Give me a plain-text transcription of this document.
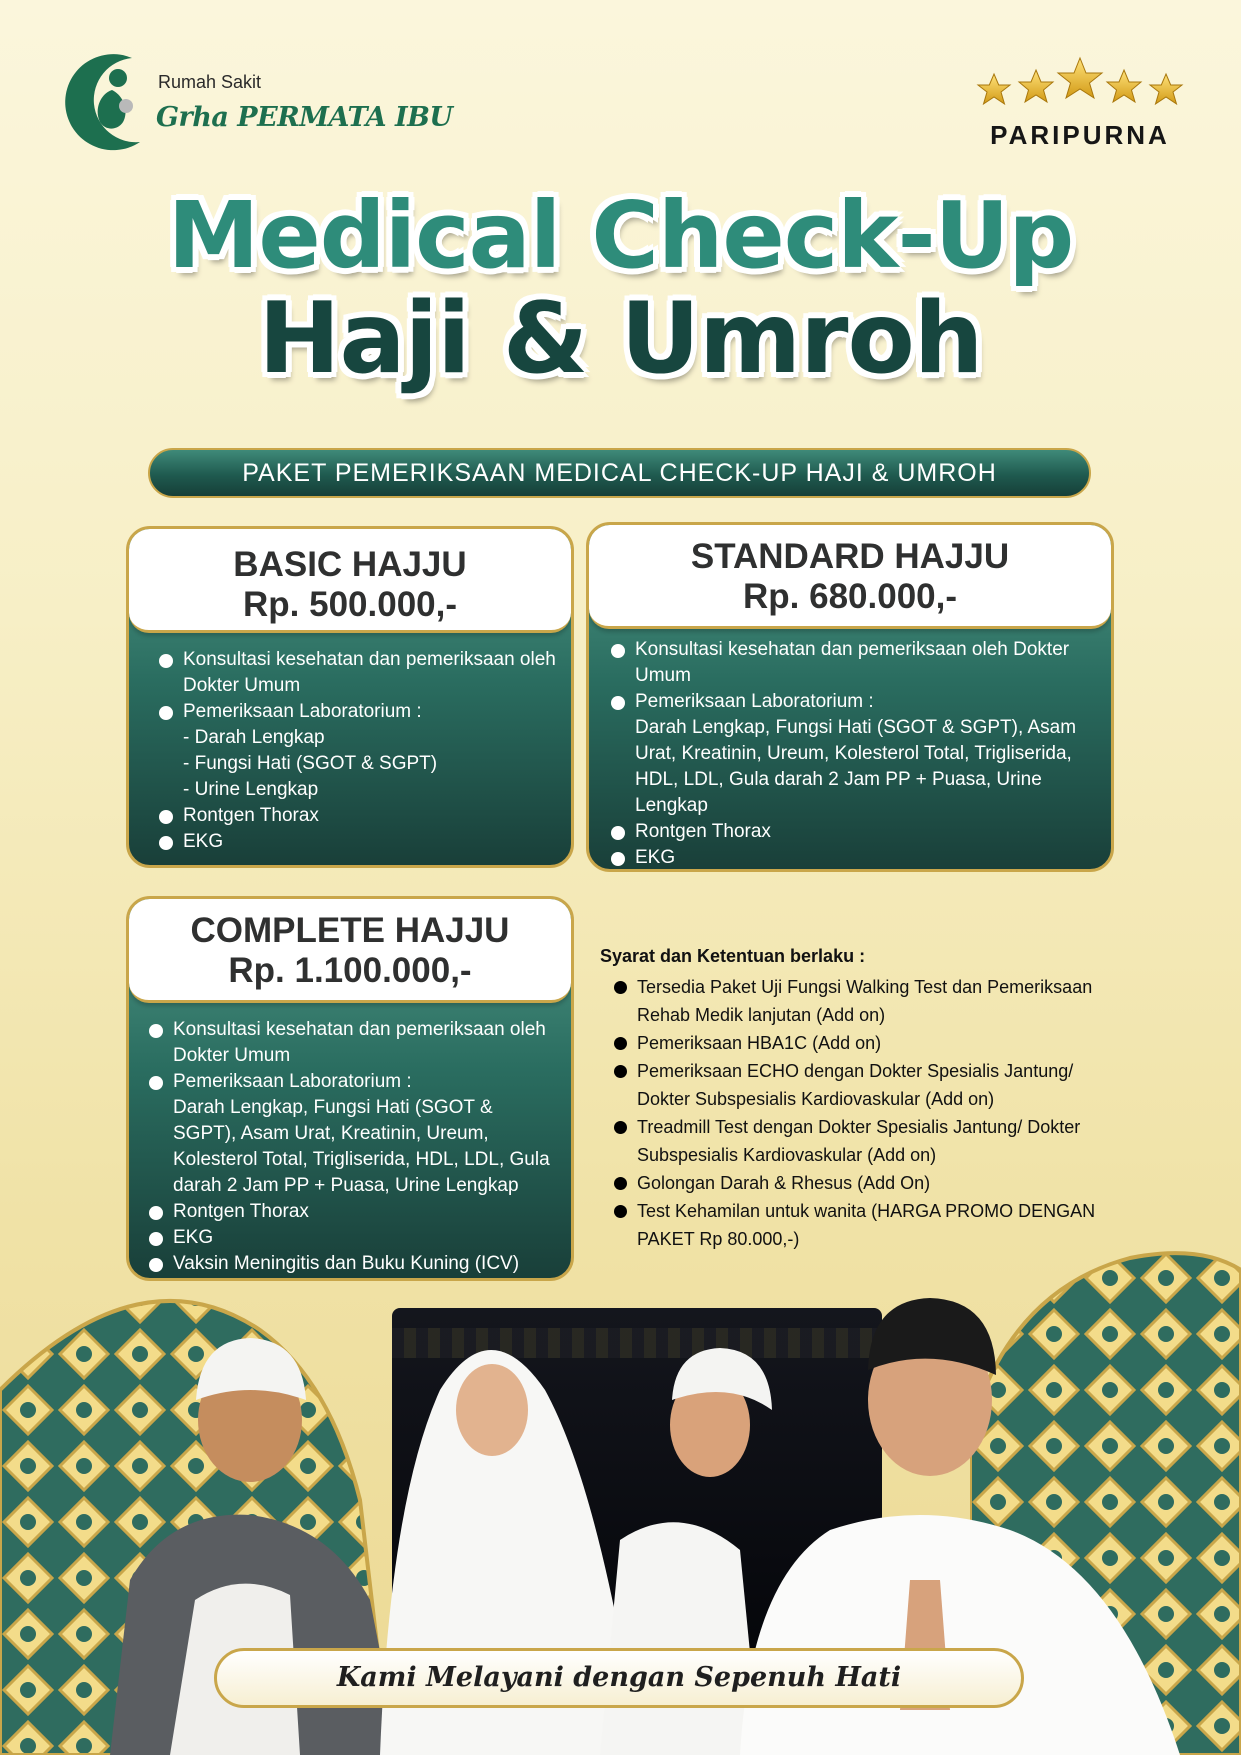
Rumah Sakit
Grha PERMATA IBU
PARIPURNA
Medical Check-Up
Haji & Umroh
PAKET PEMERIKSAAN MEDICAL CHECK-UP HAJI & UMROH
BASIC HAJJU
Rp. 500.000,-
Konsultasi kesehatan dan pemeriksaan oleh Dokter Umum
Pemeriksaan Laboratorium :
- Darah Lengkap
- Fungsi Hati (SGOT & SGPT)
- Urine Lengkap
Rontgen Thorax
EKG
STANDARD HAJJU
Rp. 680.000,-
Konsultasi kesehatan dan pemeriksaan oleh Dokter Umum
Pemeriksaan Laboratorium :
Darah Lengkap, Fungsi Hati (SGOT & SGPT), Asam Urat, Kreatinin, Ureum, Kolesterol Total, Trigliserida, HDL, LDL, Gula darah 2 Jam PP + Puasa, Urine Lengkap
Rontgen Thorax
EKG
COMPLETE HAJJU
Rp. 1.100.000,-
Konsultasi kesehatan dan pemeriksaan oleh Dokter Umum
Pemeriksaan Laboratorium :
Darah Lengkap, Fungsi Hati (SGOT & SGPT), Asam Urat, Kreatinin, Ureum, Kolesterol Total, Trigliserida, HDL, LDL, Gula darah 2 Jam PP + Puasa, Urine Lengkap
Rontgen Thorax
EKG
Vaksin Meningitis dan Buku Kuning (ICV)

Syarat dan Ketentuan berlaku :

Tersedia Paket Uji Fungsi Walking Test dan Pemeriksaan Rehab Medik lanjutan (Add on)
Pemeriksaan HBA1C (Add on)
Pemeriksaan ECHO dengan Dokter Spesialis Jantung/ Dokter Subspesialis Kardiovaskular (Add on)
Treadmill Test dengan Dokter Spesialis Jantung/ Dokter Subspesialis Kardiovaskular (Add on)
Golongan Darah & Rhesus (Add On)
Test Kehamilan untuk wanita (HARGA PROMO DENGAN PAKET Rp 80.000,-)
Kami Melayani dengan Sepenuh Hati
